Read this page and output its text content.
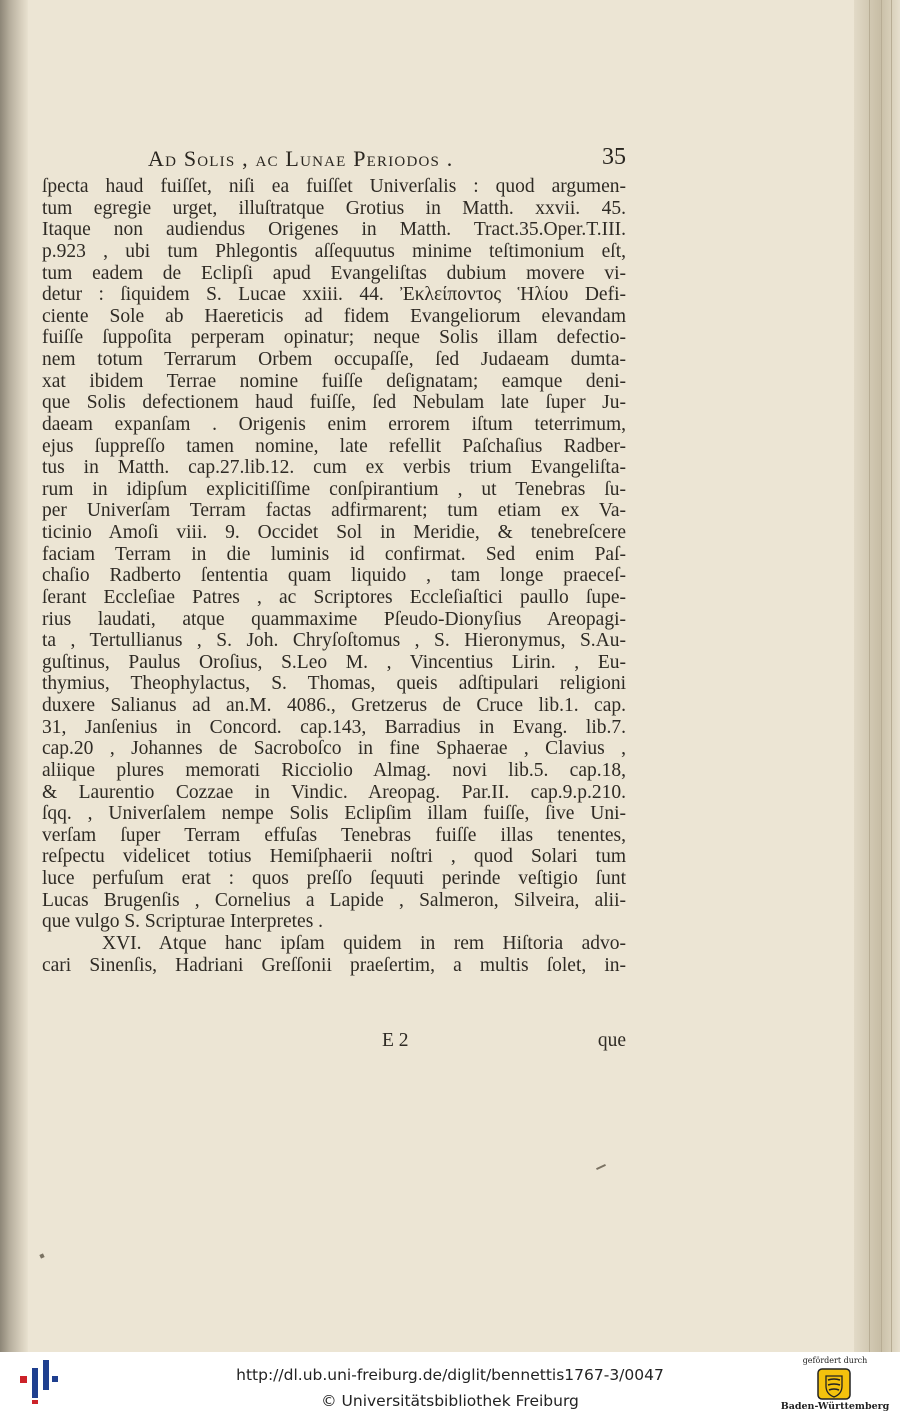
Ad Solis , ac Lunae Periodos .	35
ſpecta haud fuiſſet, niſi ea fuiſſet Univerſalis : quod argumen-
tum egregie urget, illuſtratque Grotius in Matth. xxvii. 45.
Itaque non audiendus Origenes in Matth. Tract.35.Oper.T.III.
p.923 , ubi tum Phlegontis aſſequutus minime teſtimonium eſt,
tum eadem de Eclipſi apud Evangeliſtas dubium movere vi-
detur : ſiquidem S. Lucae xxiii. 44. Ἐκλείποντος Ἡλίου Defi-
ciente Sole ab Haereticis ad fidem Evangeliorum elevandam
fuiſſe ſuppoſita perperam opinatur; neque Solis illam defectio-
nem totum Terrarum Orbem occupaſſe, ſed Judaeam dumta-
xat ibidem Terrae nomine fuiſſe deſignatam; eamque deni-
que Solis defectionem haud fuiſſe, ſed Nebulam late ſuper Ju-
daeam expanſam . Origenis enim errorem iſtum teterrimum,
ejus ſuppreſſo tamen nomine, late refellit Paſchaſius Radber-
tus in Matth. cap.27.lib.12. cum ex verbis trium Evangeliſta-
rum in idipſum explicitiſſime conſpirantium , ut Tenebras ſu-
per Univerſam Terram factas adfirmarent; tum etiam ex Va-
ticinio Amoſi viii. 9. Occidet Sol in Meridie, & tenebreſcere
faciam Terram in die luminis id confirmat. Sed enim Paſ-
chaſio Radberto ſententia quam liquido , tam longe praeceſ-
ſerant Eccleſiae Patres , ac Scriptores Eccleſiaſtici paullo ſupe-
rius laudati, atque quammaxime Pſeudo-Dionyſius Areopagi-
ta , Tertullianus , S. Joh. Chryſoſtomus , S. Hieronymus, S.Au-
guſtinus, Paulus Oroſius, S.Leo M. , Vincentius Lirin. , Eu-
thymius, Theophylactus, S. Thomas, queis adſtipulari religioni
duxere Salianus ad an.M. 4086., Gretzerus de Cruce lib.1. cap.
31, Janſenius in Concord. cap.143, Barradius in Evang. lib.7.
cap.20 , Johannes de Sacroboſco in fine Sphaerae , Clavius ,
aliique plures memorati Ricciolio Almag. novi lib.5. cap.18,
& Laurentio Cozzae in Vindic. Areopag. Par.II. cap.9.p.210.
ſqq. , Univerſalem nempe Solis Eclipſim illam fuiſſe, ſive Uni-
verſam ſuper Terram effuſas Tenebras fuiſſe illas tenentes,
reſpectu videlicet totius Hemiſphaerii noſtri , quod Solari tum
luce perfuſum erat : quos preſſo ſequuti perinde veſtigio ſunt
Lucas Brugenſis , Cornelius a Lapide , Salmeron, Silveira, alii-
que vulgo S. Scripturae Interpretes .
XVI. Atque hanc ipſam quidem in rem Hiſtoria advo-
cari Sinenſis, Hadriani Greſſonii praeſertim, a multis ſolet, in-
E 2	que
http://dl.ub.uni-freiburg.de/diglit/bennettis1767-3/0047
© Universitätsbibliothek Freiburg
gefördert durch
Baden-Württemberg
